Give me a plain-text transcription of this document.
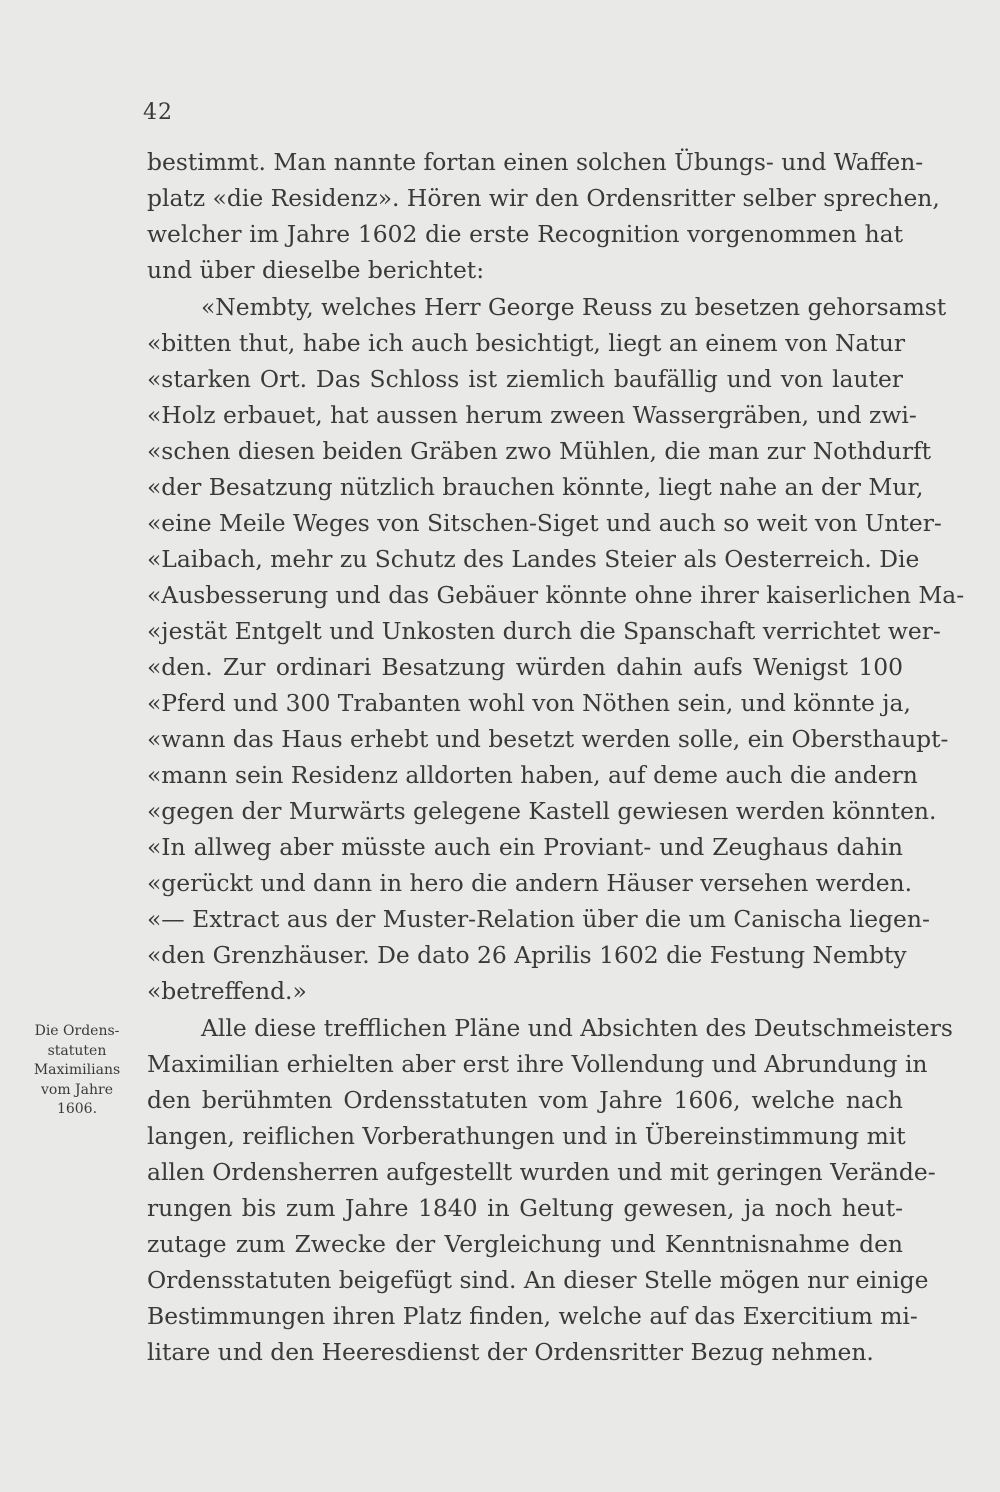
42
bestimmt. Man nannte fortan einen solchen Übungs- und Waffen-
platz «die Residenz». Hören wir den Ordensritter selber sprechen,
welcher im Jahre 1602 die erste Recognition vorgenommen hat
und über dieselbe berichtet:
«Nembty, welches Herr George Reuss zu besetzen gehorsamst
«bitten thut, habe ich auch besichtigt, liegt an einem von Natur
«starken Ort. Das Schloss ist ziemlich baufällig und von lauter
«Holz erbauet, hat aussen herum zween Wassergräben, und zwi-
«schen diesen beiden Gräben zwo Mühlen, die man zur Nothdurft
«der Besatzung nützlich brauchen könnte, liegt nahe an der Mur,
«eine Meile Weges von Sitschen-Siget und auch so weit von Unter-
«Laibach, mehr zu Schutz des Landes Steier als Oesterreich. Die
«Ausbesserung und das Gebäuer könnte ohne ihrer kaiserlichen Ma-
«jestät Entgelt und Unkosten durch die Spanschaft verrichtet wer-
«den. Zur ordinari Besatzung würden dahin aufs Wenigst 100
«Pferd und 300 Trabanten wohl von Nöthen sein, und könnte ja,
«wann das Haus erhebt und besetzt werden solle, ein Obersthaupt-
«mann sein Residenz alldorten haben, auf deme auch die andern
«gegen der Murwärts gelegene Kastell gewiesen werden könnten.
«In allweg aber müsste auch ein Proviant- und Zeughaus dahin
«gerückt und dann in hero die andern Häuser versehen werden.
«— Extract aus der Muster-Relation über die um Canischa liegen-
«den Grenzhäuser. De dato 26 Aprilis 1602 die Festung Nembty
«betreffend.»
Alle diese trefflichen Pläne und Absichten des Deutschmeisters
Maximilian erhielten aber erst ihre Vollendung und Abrundung in
den berühmten Ordensstatuten vom Jahre 1606, welche nach
langen, reiflichen Vorberathungen und in Übereinstimmung mit
allen Ordensherren aufgestellt wurden und mit geringen Verände-
rungen bis zum Jahre 1840 in Geltung gewesen, ja noch heut-
zutage zum Zwecke der Vergleichung und Kenntnisnahme den
Ordensstatuten beigefügt sind. An dieser Stelle mögen nur einige
Bestimmungen ihren Platz finden, welche auf das Exercitium mi-
litare und den Heeresdienst der Ordensritter Bezug nehmen.
Die Ordens-
statuten
Maximilians
vom Jahre
1606.
